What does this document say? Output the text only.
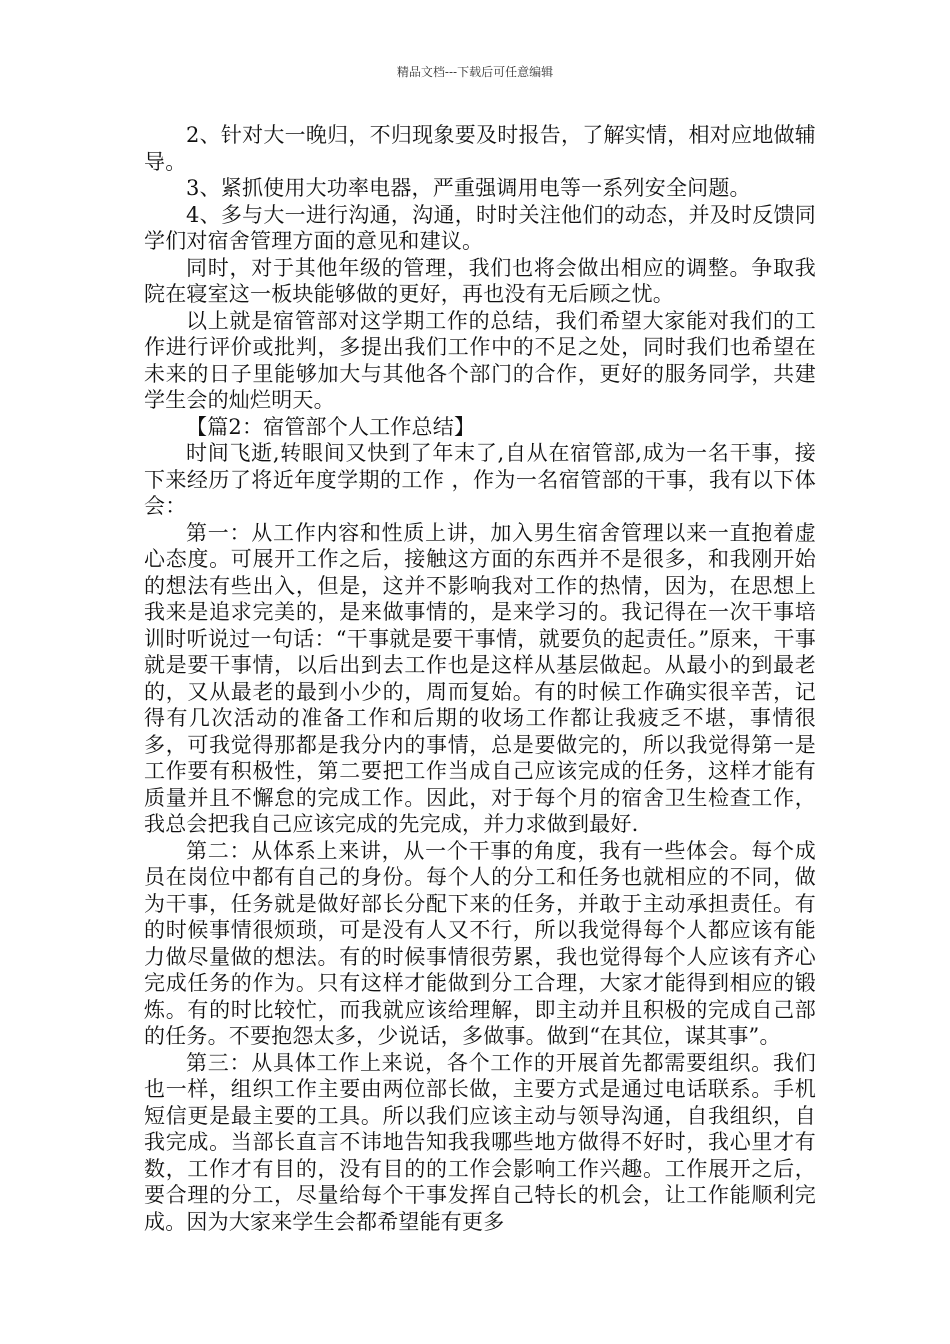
精品文档---下载后可任意编辑

2、针对大一晚归，不归现象要及时报告，了解实情，相对应地做辅导。

3、紧抓使用大功率电器，严重强调用电等一系列安全问题。

4、多与大一进行沟通，沟通，时时关注他们的动态，并及时反馈同学们对宿舍管理方面的意见和建议。

同时，对于其他年级的管理，我们也将会做出相应的调整。争取我院在寝室这一板块能够做的更好，再也没有无后顾之忧。

以上就是宿管部对这学期工作的总结，我们希望大家能对我们的工作进行评价或批判，多提出我们工作中的不足之处，同时我们也希望在未来的日子里能够加大与其他各个部门的合作，更好的服务同学，共建学生会的灿烂明天。

【篇2：宿管部个人工作总结】

时间飞逝,转眼间又快到了年末了,自从在宿管部,成为一名干事，接下来经历了将近年度学期的工作 ，作为一名宿管部的干事，我有以下体会：

第一：从工作内容和性质上讲，加入男生宿舍管理以来一直抱着虚心态度。可展开工作之后，接触这方面的东西并不是很多，和我刚开始的想法有些出入，但是，这并不影响我对工作的热情，因为，在思想上我来是追求完美的，是来做事情的，是来学习的。我记得在一次干事培训时听说过一句话：“干事就是要干事情，就要负的起责任。”原来，干事就是要干事情，以后出到去工作也是这样从基层做起。从最小的到最老的，又从最老的最到小少的，周而复始。有的时候工作确实很辛苦，记得有几次活动的准备工作和后期的收场工作都让我疲乏不堪，事情很多，可我觉得那都是我分内的事情，总是要做完的，所以我觉得第一是工作要有积极性，第二要把工作当成自己应该完成的任务，这样才能有质量并且不懈怠的完成工作。因此，对于每个月的宿舍卫生检查工作，我总会把我自己应该完成的先完成，并力求做到最好.

第二：从体系上来讲，从一个干事的角度，我有一些体会。每个成员在岗位中都有自己的身份。每个人的分工和任务也就相应的不同，做为干事，任务就是做好部长分配下来的任务，并敢于主动承担责任。有的时候事情很烦琐，可是没有人又不行，所以我觉得每个人都应该有能力做尽量做的想法。有的时候事情很劳累，我也觉得每个人应该有齐心完成任务的作为。只有这样才能做到分工合理，大家才能得到相应的锻炼。有的时比较忙，而我就应该给理解，即主动并且积极的完成自己部的任务。不要抱怨太多，少说话，多做事。做到“在其位，谋其事”。

第三：从具体工作上来说，各个工作的开展首先都需要组织。我们也一样，组织工作主要由两位部长做，主要方式是通过电话联系。手机短信更是最主要的工具。所以我们应该主动与领导沟通，自我组织，自我完成。当部长直言不讳地告知我我哪些地方做得不好时，我心里才有数，工作才有目的，没有目的的工作会影响工作兴趣。工作展开之后，要合理的分工，尽量给每个干事发挥自己特长的机会，让工作能顺利完成。因为大家来学生会都希望能有更多
